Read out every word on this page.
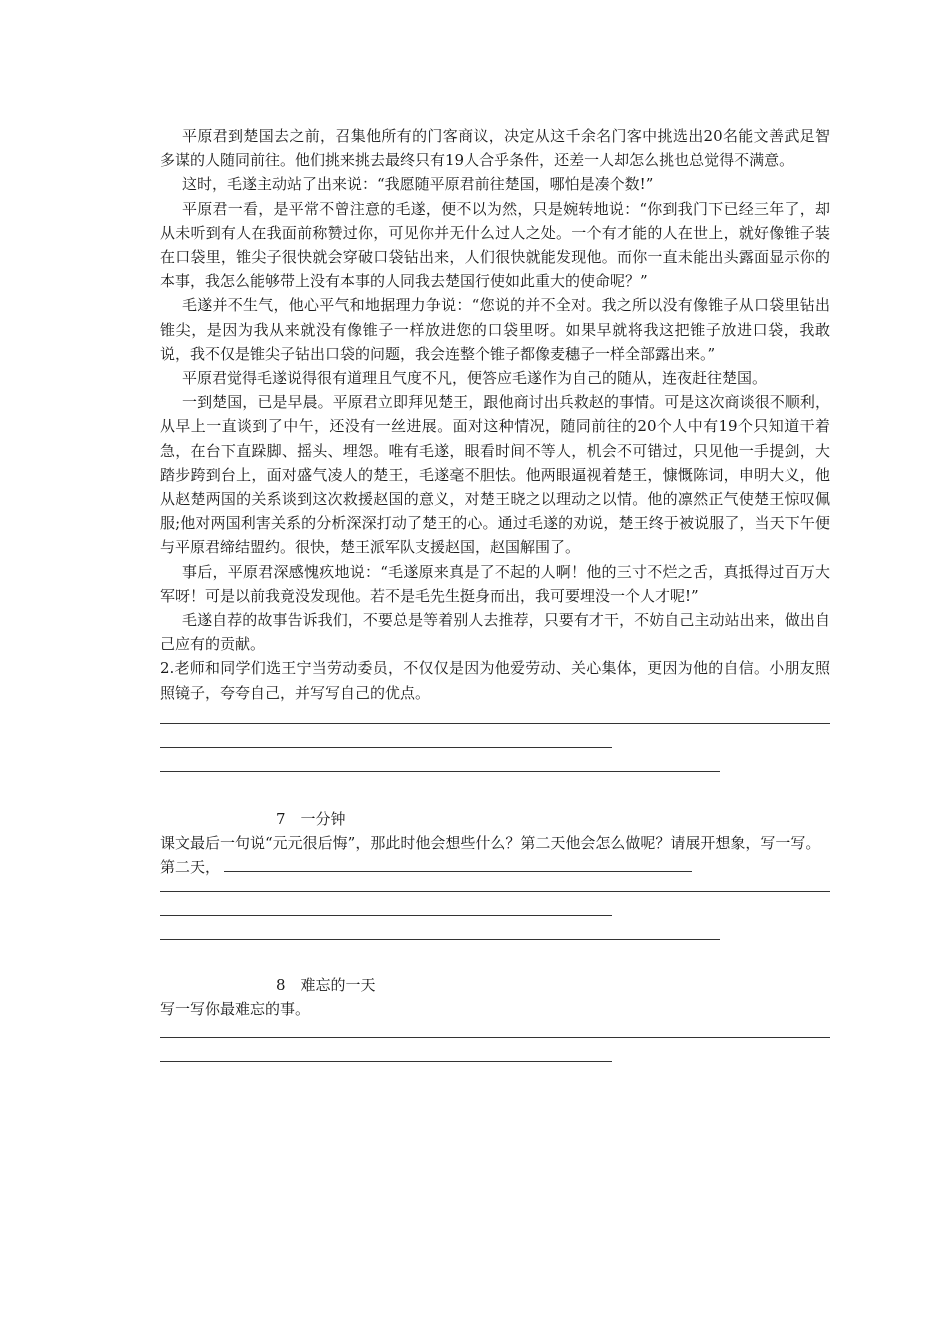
平原君到楚国去之前，召集他所有的门客商议，决定从这千余名门客中挑选出20名能文善武足智多谋的人随同前往。他们挑来挑去最终只有19人合乎条件，还差一人却怎么挑也总觉得不满意。

这时，毛遂主动站了出来说：“我愿随平原君前往楚国，哪怕是凑个数!”

平原君一看，是平常不曾注意的毛遂，便不以为然，只是婉转地说：“你到我门下已经三年了，却从未听到有人在我面前称赞过你，可见你并无什么过人之处。一个有才能的人在世上，就好像锥子装在口袋里，锥尖子很快就会穿破口袋钻出来，人们很快就能发现他。而你一直未能出头露面显示你的本事，我怎么能够带上没有本事的人同我去楚国行使如此重大的使命呢？”

毛遂并不生气，他心平气和地据理力争说：“您说的并不全对。我之所以没有像锥子从口袋里钻出锥尖，是因为我从来就没有像锥子一样放进您的口袋里呀。如果早就将我这把锥子放进口袋，我敢说，我不仅是锥尖子钻出口袋的问题，我会连整个锥子都像麦穗子一样全部露出来。”

平原君觉得毛遂说得很有道理且气度不凡，便答应毛遂作为自己的随从，连夜赶往楚国。

一到楚国，已是早晨。平原君立即拜见楚王，跟他商讨出兵救赵的事情。可是这次商谈很不顺利，从早上一直谈到了中午，还没有一丝进展。面对这种情况，随同前往的20个人中有19个只知道干着急，在台下直跺脚、摇头、埋怨。唯有毛遂，眼看时间不等人，机会不可错过，只见他一手提剑，大踏步跨到台上，面对盛气凌人的楚王，毛遂毫不胆怯。他两眼逼视着楚王，慷慨陈词，申明大义，他从赵楚两国的关系谈到这次救援赵国的意义，对楚王晓之以理动之以情。他的凛然正气使楚王惊叹佩服;他对两国利害关系的分析深深打动了楚王的心。通过毛遂的劝说，楚王终于被说服了，当天下午便与平原君缔结盟约。很快，楚王派军队支援赵国，赵国解围了。

事后，平原君深感愧疚地说：“毛遂原来真是了不起的人啊！他的三寸不烂之舌，真抵得过百万大军呀！可是以前我竟没发现他。若不是毛先生挺身而出，我可要埋没一个人才呢!”

毛遂自荐的故事告诉我们，不要总是等着别人去推荐，只要有才干，不妨自己主动站出来，做出自己应有的贡献。

2.老师和同学们选王宁当劳动委员，不仅仅是因为他爱劳动、关心集体，更因为他的自信。小朋友照照镜子，夸夸自己，并写写自己的优点。

7　一分钟

课文最后一句说“元元很后悔”，那此时他会想些什么？第二天他会怎么做呢？请展开想象，写一写。

第二天，

8　难忘的一天

写一写你最难忘的事。
